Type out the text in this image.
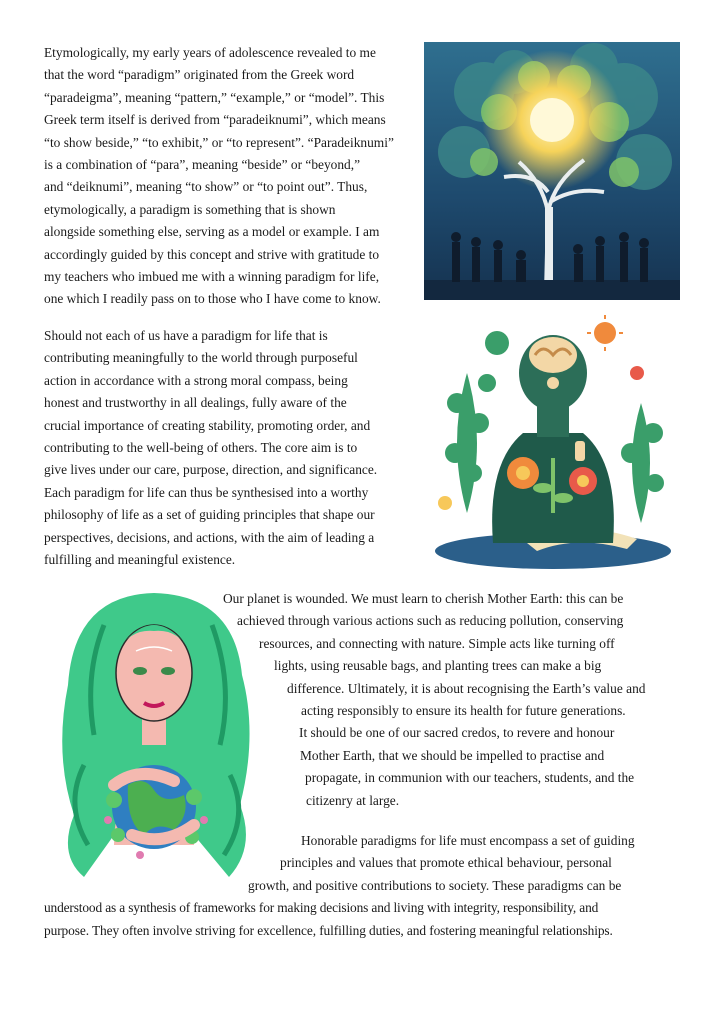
Etymologically, my early years of adolescence revealed to me
that the word “paradigm” originated from the Greek word
“paradeigma”, meaning “pattern,” “example,” or “model”. This
Greek term itself is derived from “paradeiknumi”, which means
“to show beside,” “to exhibit,” or “to represent”. “Paradeiknumi”
is a combination of “para”, meaning “beside” or “beyond,”
and “deiknumi”, meaning “to show” or “to point out”. Thus,
etymologically, a paradigm is something that is shown
alongside something else, serving as a model or example. I am
accordingly guided by this concept and strive with gratitude to
my teachers who imbued me with a winning paradigm for life,
one which I readily pass on to those who I have come to know.

Should not each of us have a paradigm for life that is
contributing meaningfully to the world through purposeful
action in accordance with a strong moral compass, being
honest and trustworthy in all dealings, fully aware of the
crucial importance of creating stability, promoting order, and
contributing to the well-being of others. The core aim is to
give lives under our care, purpose, direction, and significance.
Each paradigm for life can thus be synthesised into a worthy
philosophy of life as a set of guiding principles that shape our
perspectives, decisions, and actions, with the aim of leading a
fulfilling and meaningful existence.

Our planet is wounded. We must learn to cherish Mother Earth: this can be
achieved through various actions such as reducing pollution, conserving
resources, and connecting with nature. Simple acts like turning off
lights, using reusable bags, and planting trees can make a big
difference. Ultimately, it is about recognising the Earth’s value and
acting responsibly to ensure its health for future generations.
It should be one of our sacred credos, to revere and honour
Mother Earth, that we should be impelled to practise and
propagate, in communion with our teachers, students, and the
citizenry at large.

Honorable paradigms for life must encompass a set of guiding
principles and values that promote ethical behaviour, personal
growth, and positive contributions to society. These paradigms can be
understood as a synthesis of frameworks for making decisions and living with integrity, responsibility, and
purpose. They often involve striving for excellence, fulfilling duties, and fostering meaningful relationships.
